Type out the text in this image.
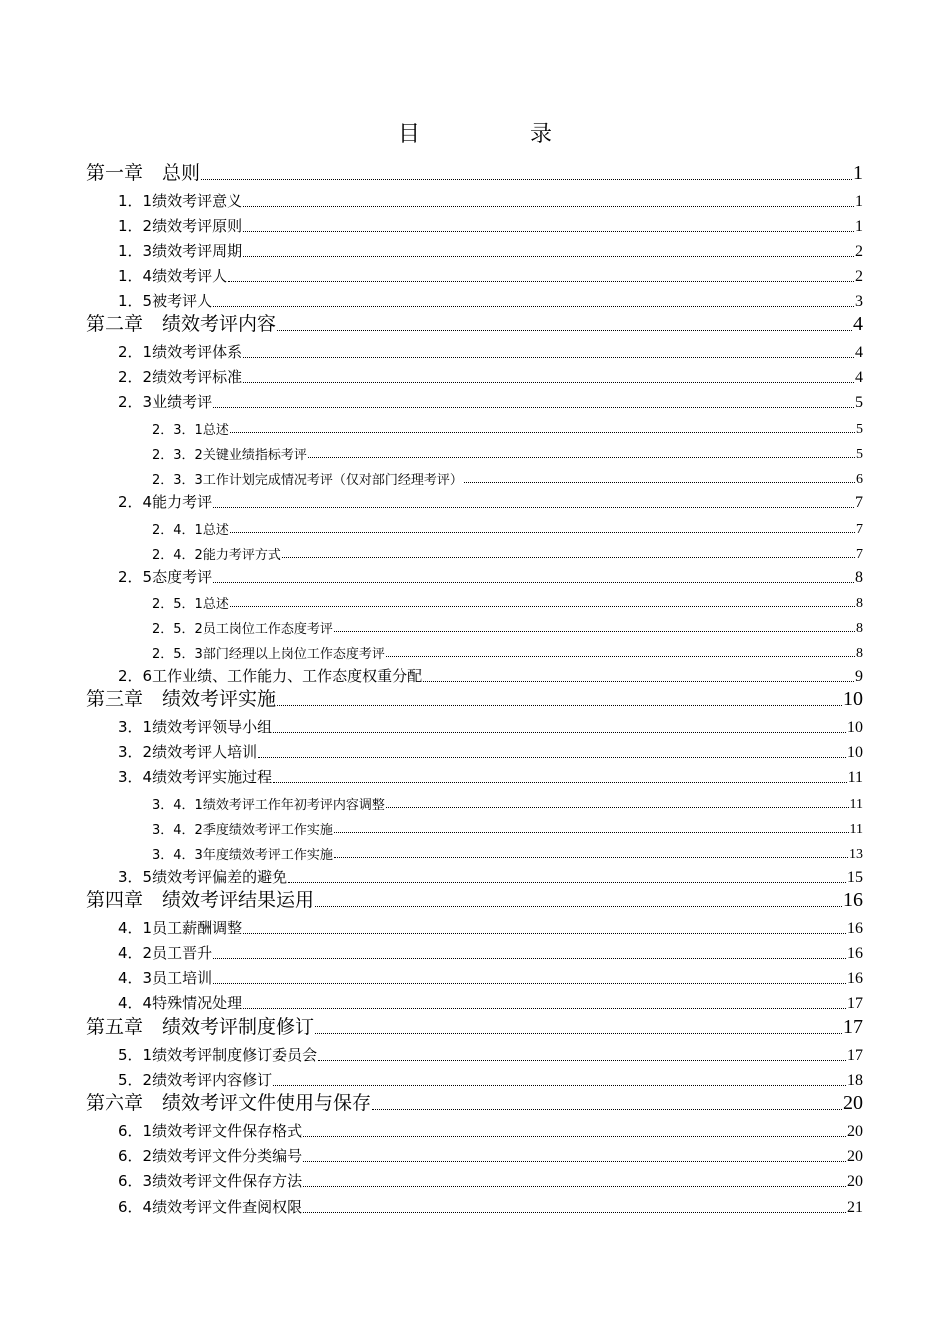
目　录
第一章　总则	1
1．1绩效考评意义	1
1．2绩效考评原则	1
1．3绩效考评周期	2
1．4绩效考评人	2
1．5被考评人	3
第二章　绩效考评内容	4
2．1绩效考评体系	4
2．2绩效考评标准	4
2．3业绩考评	5
2．3．1总述	5
2．3．2关键业绩指标考评	5
2．3．3工作计划完成情况考评（仅对部门经理考评）	6
2．4能力考评	7
2．4．1总述	7
2．4．2能力考评方式	7
2．5态度考评	8
2．5．1总述	8
2．5．2员工岗位工作态度考评	8
2．5．3部门经理以上岗位工作态度考评	8
2．6工作业绩、工作能力、工作态度权重分配	9
第三章　绩效考评实施	10
3．1绩效考评领导小组	10
3．2绩效考评人培训	10
3．4绩效考评实施过程	11
3．4．1绩效考评工作年初考评内容调整	11
3．4．2季度绩效考评工作实施	11
3．4．3年度绩效考评工作实施	13
3．5绩效考评偏差的避免	15
第四章　绩效考评结果运用	16
4．1员工薪酬调整	16
4．2员工晋升	16
4．3员工培训	16
4．4特殊情况处理	17
第五章　绩效考评制度修订	17
5．1绩效考评制度修订委员会	17
5．2绩效考评内容修订	18
第六章　绩效考评文件使用与保存	20
6．1绩效考评文件保存格式	20
6．2绩效考评文件分类编号	20
6．3绩效考评文件保存方法	20
6．4绩效考评文件查阅权限	21
